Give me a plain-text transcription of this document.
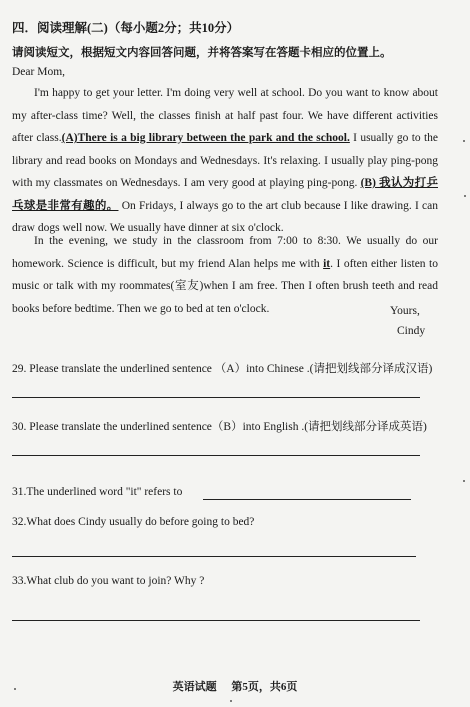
四．阅读理解(二)（每小题2分；共10分）
请阅读短文，根据短文内容回答问题，并将答案写在答题卡相应的位置上。
Dear Mom,
I'm happy to get your letter. I'm doing very well at school. Do you want to know about my after-class time? Well, the classes finish at half past four. We have different activities after class.(A)There is a big library between the park and the school. I usually go to the library and read books on Mondays and Wednesdays. It's relaxing. I usually play ping-pong with my classmates on Wednesdays. I am very good at playing ping-pong. (B) 我认为打乒乓球是非常有趣的。 On Fridays, I always go to the art club because I like drawing. I can draw dogs well now. We usually have dinner at six o'clock.
In the evening, we study in the classroom from 7:00 to 8:30. We usually do our homework. Science is difficult, but my friend Alan helps me with it. I often either listen to music or talk with my roommates(室友)when I am free. Then I often brush teeth and read books before bedtime. Then we go to bed at ten o'clock.	Yours,
Cindy
29. Please translate the underlined sentence （A）into Chinese .(请把划线部分译成汉语)
30. Please translate the underlined sentence（B）into English .(请把划线部分译成英语)
31.The underlined word "it" refers to
32.What does Cindy usually do before going to bed?
33.What club do you want to join? Why ?
英语试题 第5页，共6页
